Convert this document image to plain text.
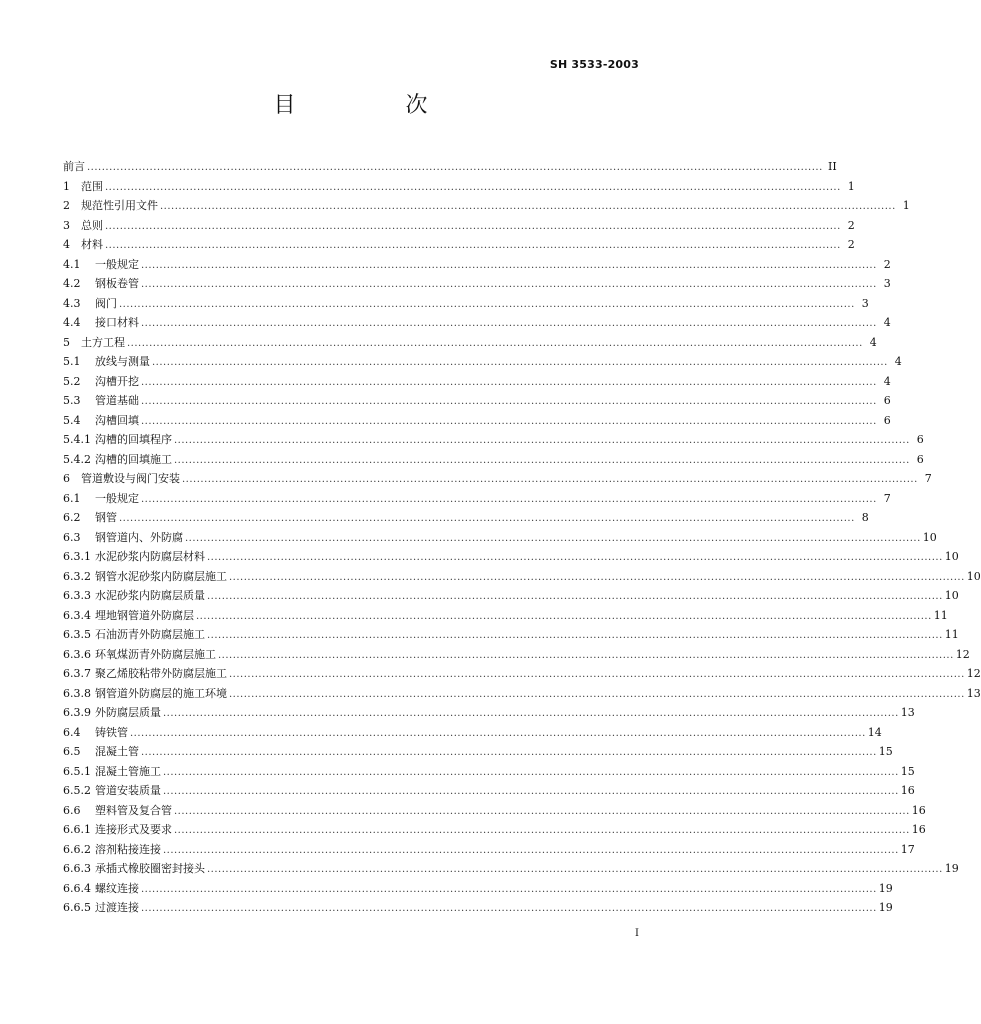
SH 3533-2003
目次
前言 ........................................................................................................................................................................................................ II
1	范围 ........................................................................................................................................................................................................ 1
2	规范性引用文件 ........................................................................................................................................................................................................ 1
3	总则 ........................................................................................................................................................................................................ 2
4	材料 ........................................................................................................................................................................................................ 2
4.1	一般规定 ........................................................................................................................................................................................................ 2
4.2	钢板卷管 ........................................................................................................................................................................................................ 3
4.3	阀门 ........................................................................................................................................................................................................ 3
4.4	接口材料 ........................................................................................................................................................................................................ 4
5	土方工程 ........................................................................................................................................................................................................ 4
5.1	放线与测量 ........................................................................................................................................................................................................ 4
5.2	沟槽开挖 ........................................................................................................................................................................................................ 4
5.3	管道基础 ........................................................................................................................................................................................................ 6
5.4	沟槽回填 ........................................................................................................................................................................................................ 6
5.4.1 沟槽的回填程序 ........................................................................................................................................................................................................ 6
5.4.2 沟槽的回填施工 ........................................................................................................................................................................................................ 6
6	管道敷设与阀门安装 ........................................................................................................................................................................................................ 7
6.1	一般规定 ........................................................................................................................................................................................................ 7
6.2	钢管 ........................................................................................................................................................................................................ 8
6.3	钢管道内、外防腐 ........................................................................................................................................................................................................ 10
6.3.1 水泥砂浆内防腐层材料 ........................................................................................................................................................................................................ 10
6.3.2 钢管水泥砂浆内防腐层施工 ........................................................................................................................................................................................................ 10
6.3.3 水泥砂浆内防腐层质量 ........................................................................................................................................................................................................ 10
6.3.4 埋地钢管道外防腐层 ........................................................................................................................................................................................................ 11
6.3.5 石油沥青外防腐层施工 ........................................................................................................................................................................................................ 11
6.3.6 环氧煤沥青外防腐层施工 ........................................................................................................................................................................................................ 12
6.3.7 聚乙烯胶粘带外防腐层施工 ........................................................................................................................................................................................................ 12
6.3.8 钢管道外防腐层的施工环境 ........................................................................................................................................................................................................ 13
6.3.9 外防腐层质量 ........................................................................................................................................................................................................ 13
6.4	铸铁管 ........................................................................................................................................................................................................ 14
6.5	混凝土管 ........................................................................................................................................................................................................ 15
6.5.1 混凝土管施工 ........................................................................................................................................................................................................ 15
6.5.2 管道安装质量 ........................................................................................................................................................................................................ 16
6.6	塑料管及复合管 ........................................................................................................................................................................................................ 16
6.6.1 连接形式及要求 ........................................................................................................................................................................................................ 16
6.6.2 溶剂粘接连接 ........................................................................................................................................................................................................ 17
6.6.3 承插式橡胶圈密封接头 ........................................................................................................................................................................................................ 19
6.6.4 螺纹连接 ........................................................................................................................................................................................................ 19
6.6.5 过渡连接 ........................................................................................................................................................................................................ 19
I
